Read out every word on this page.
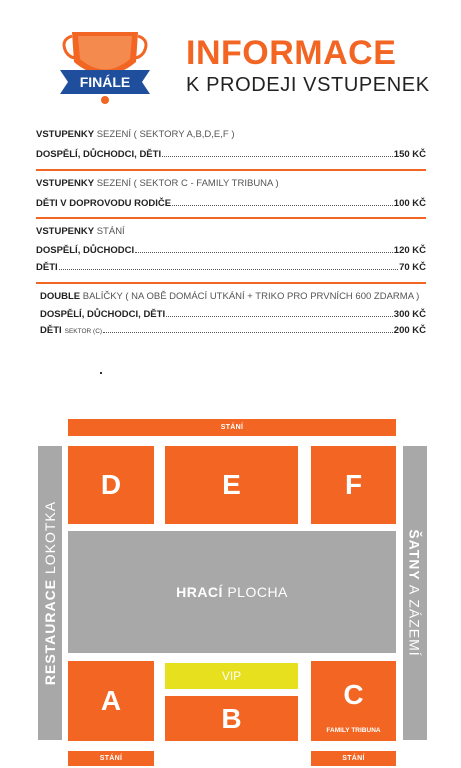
FINÁLE
INFORMACE
K PRODEJI VSTUPENEK
VSTUPENKY SEZENÍ ( SEKTORY A,B,D,E,F )
DOSPĚLÍ, DŮCHODCI, DĚTI	150 KČ
VSTUPENKY SEZENÍ ( SEKTOR C - FAMILY TRIBUNA )
DĚTI V DOPROVODU RODIČE	100 KČ
VSTUPENKY STÁNÍ
DOSPĚLÍ, DŮCHODCI	120 KČ
DĚTI	70 KČ
DOUBLE BALÍČKY ( NA OBĚ DOMÁCÍ UTKÁNÍ + TRIKO PRO PRVNÍCH 600 ZDARMA )
DOSPĚLÍ, DŮCHODCI, DĚTI	300 KČ
DĚTI SEKTOR (C)	200 KČ
STÁNÍ
RESTAURACE LOKOTKA	ŠATNY A ZÁZEMÍ
D	E	F
HRACÍ PLOCHA
A
VIP
B
C
FAMILY TRIBUNA
STÁNÍ	STÁNÍ
